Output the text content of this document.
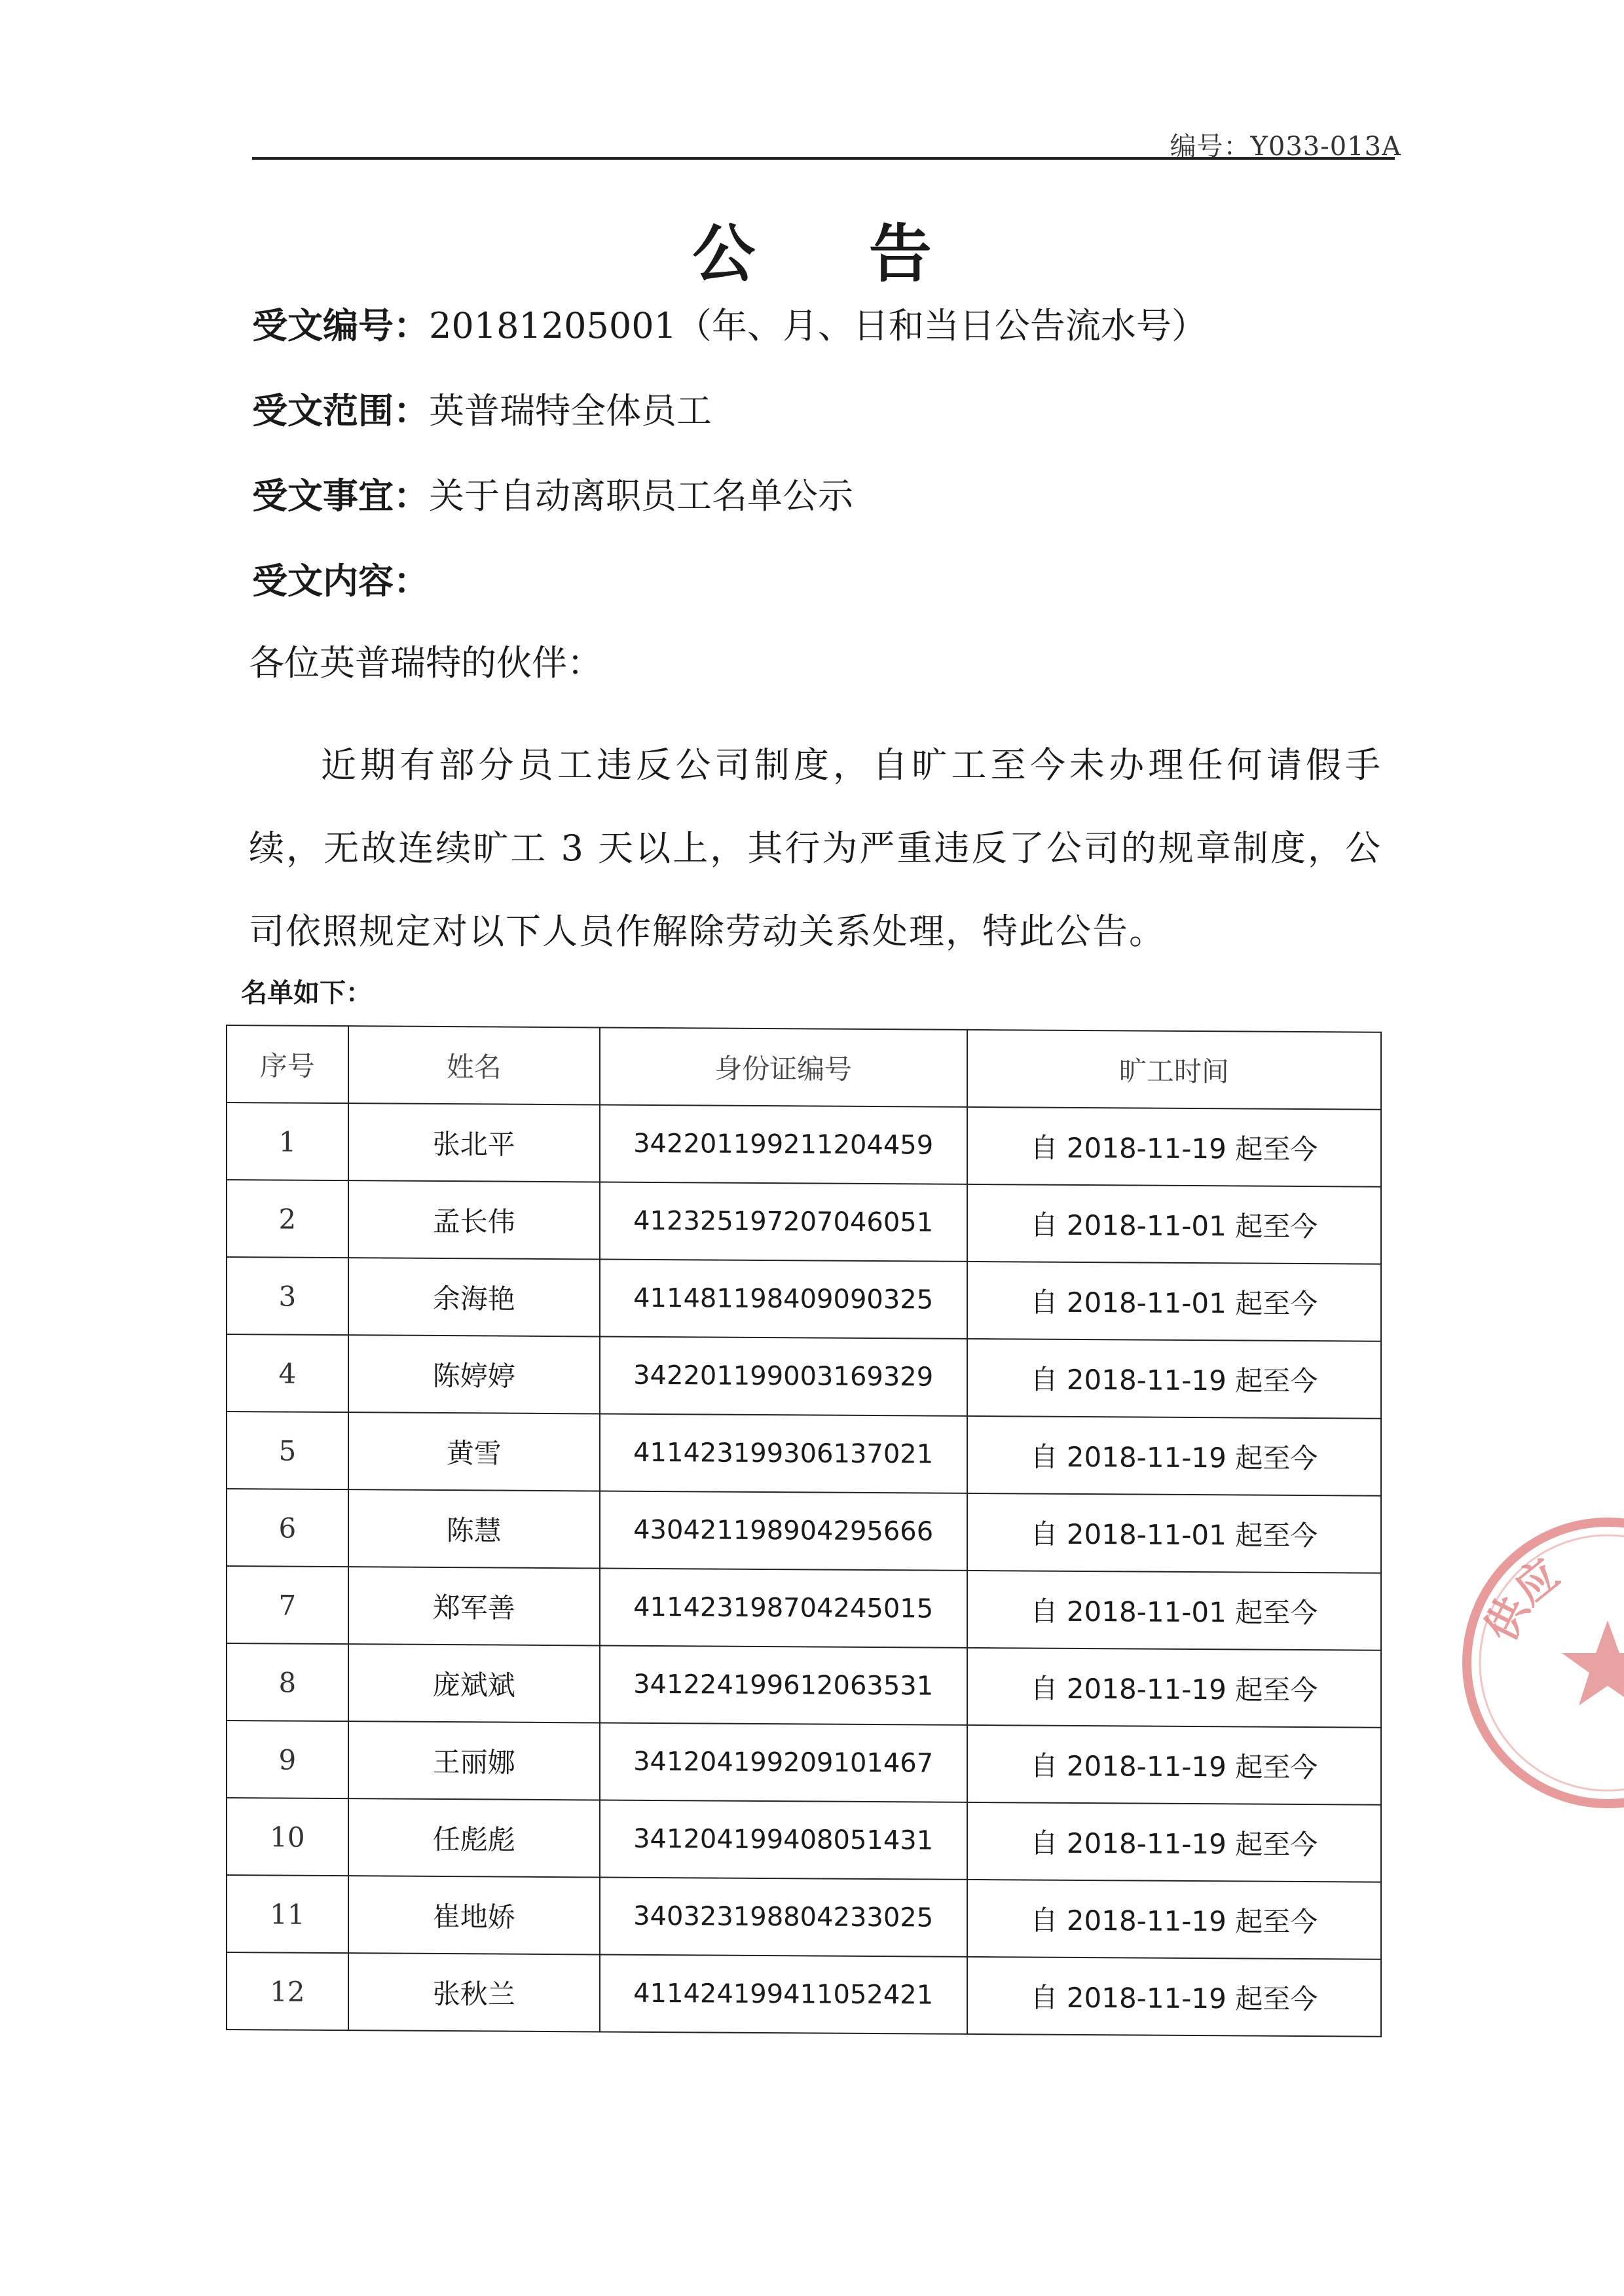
编号：Y033-013A
公 告
受文编号：20181205001（年、月、日和当日公告流水号）
受文范围：英普瑞特全体员工
受文事宜：关于自动离职员工名单公示
受文内容：
各位英普瑞特的伙伴：
近期有部分员工违反公司制度，自旷工至今未办理任何请假手续，无故连续旷工 3 天以上，其行为严重违反了公司的规章制度，公司依照规定对以下人员作解除劳动关系处理，特此公告。
名单如下：
序号	姓名	身份证编号	旷工时间
1	张北平	342201199211204459	自 2018-11-19 起至今
2	孟长伟	412325197207046051	自 2018-11-01 起至今
3	余海艳	411481198409090325	自 2018-11-01 起至今
4	陈婷婷	342201199003169329	自 2018-11-19 起至今
5	黄雪	411423199306137021	自 2018-11-19 起至今
6	陈慧	430421198904295666	自 2018-11-01 起至今
7	郑军善	411423198704245015	自 2018-11-01 起至今
8	庞斌斌	341224199612063531	自 2018-11-19 起至今
9	王丽娜	341204199209101467	自 2018-11-19 起至今
10	任彪彪	341204199408051431	自 2018-11-19 起至今
11	崔地娇	340323198804233025	自 2018-11-19 起至今
12	张秋兰	411424199411052421	自 2018-11-19 起至今
供应
